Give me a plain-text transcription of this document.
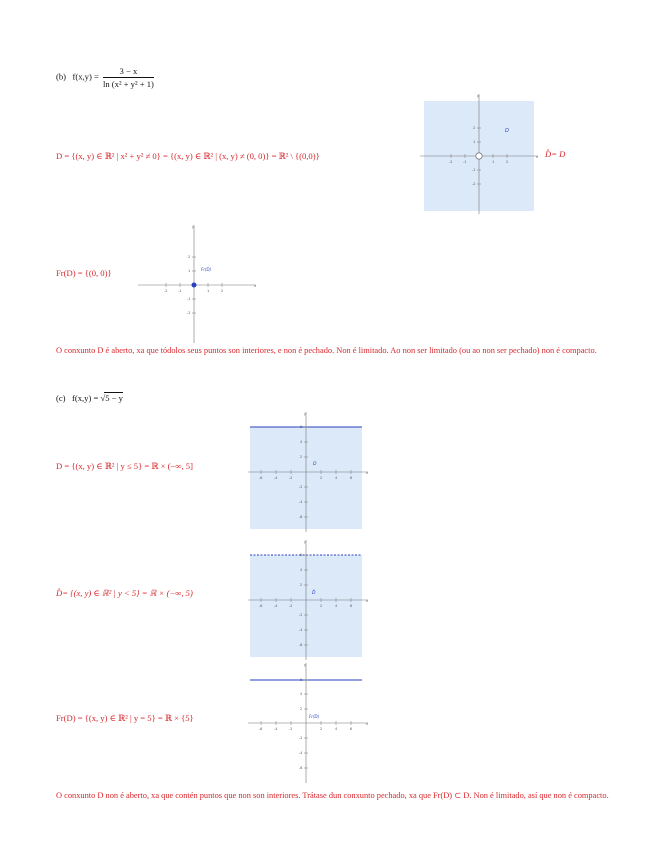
(b) $f(x,y) = \frac{3 - x}{\text{ln (x² + y² + 1)}}$
D = {(x, y) ∈ ℝ² | x² + y² ≠ 0} = {(x, y) ∈ ℝ² | (x, y) ≠ (0, 0)} = ℝ² \ {(0,0)}
-2	-1	1	2
2
1
-1
-2
x
y
D
D̊= D
Fr(D) = {(0, 0)}
-2	-1	1	2
2
1
-1
-2
x
y
Fr(D)
O conxunto D é aberto, xa que tódolos seus puntos son interiores, e non é pechado. Non é limitado. Ao non ser limitado (ou ao non ser pechado) non é compacto.
(c) f(x,y) = √5 − y
D = {(x, y) ∈ ℝ² | y ≤ 5} = ℝ × (−∞, 5]
-6	-4	-2	2	4	6
6
4
2
-2
-4
-6
x
y
D
D̊= {(x, y) ∈ ℝ² | y < 5} = ℝ × (−∞, 5)
-6	-4	-2	2	4	6
6
4
2
-2
-4
-6
x
y
D̊
Fr(D) = {(x, y) ∈ ℝ² | y = 5} = ℝ × {5}
-6	-4	-2	2	4	6
6
4
2
-2
-4
-6
x
y
Fr(D)
O conxunto D non é aberto, xa que contén puntos que non son interiores. Trátase dun conxunto pechado, xa que Fr(D) ⊂ D. Non é limitado, así que non é compacto.
